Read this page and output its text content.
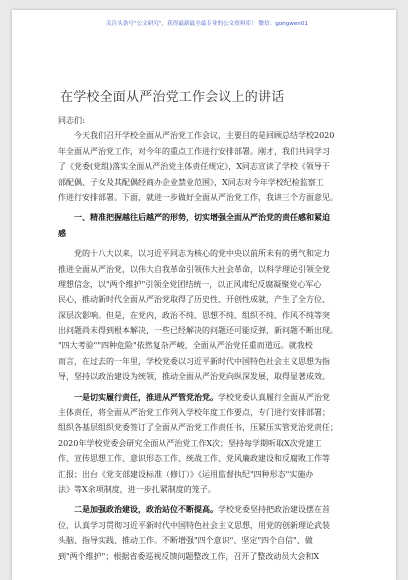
关注头条号"公文研究"，获得最新最全最专业的公文资料库！ 微信：gongwen01
在学校全面从严治党工作会议上的讲话
同志们:
今天我们召开学校全面从严治党工作会议，主要目的是回顾总结学校2020
年全面从严治党工作，对今年的重点工作进行安排部署。刚才，我们共同学习
了《党委(党组)落实全面从严治党主体责任规定》，X同志宣读了学校《领导干
部配偶、子女及其配偶经商办企业禁业范围》，X同志对今年学校纪检监察工
作进行安排部署。下面，就进一步做好全面从严治党工作，我讲三个方面意见。
一、精准把握越往后越严的形势，切实增强全面从严治党的责任感和紧迫
感
党的十八大以来，以习近平同志为核心的党中央以前所未有的勇气和定力
推进全面从严治党，以伟大自我革命引领伟大社会革命，以科学理论引领全党
理想信念，以"两个维护"引领全党团结统一，以正风肃纪反腐凝聚党心军心
民心，推动新时代全面从严治党取得了历史性、开创性成就，产生了全方位、
深层次影响。但是，在党内，政治不纯、思想不纯、组织不纯、作风不纯等突
出问题尚未得到根本解决，一些已经解决的问题还可能反弹，新问题不断出现。
"四大考验""四种危险"依然复杂严峻，全面从严治党任重而道远。就我校
而言，在过去的一年里，学校党委以习近平新时代中国特色社会主义思想为指
导，坚持以政治建设为统领，推动全面从严治党向纵深发展，取得显著成效。
一是切实履行责任，推进从严管党治党。学校党委认真履行全面从严治党
主体责任，将全面从严治党工作列入学校年度工作要点，专门进行安排部署；
组织各基层组织党委签订了全面从严治党工作责任书，压紧压实管党治党责任；
2020年学校党委会研究全面从严治党工作X次；坚持每学期听取X次党建工
作、宣传思想工作、意识形态工作、统战工作、党风廉政建设和反腐败工作等
汇报；出台《党支部建设标准（修订）》《运用监督执纪"四种形态"实施办
法》等X余项制度，进一步扎紧制度的笼子。
二是加强政治建设，政治站位不断提高。学校党委坚持把政治建设摆在首
位，认真学习贯彻习近平新时代中国特色社会主义思想，用党的创新理论武装
头脑、指导实践、推动工作。不断增强"四个意识"、坚定"四个自信"、做
到"两个维护"；根据省委巡视反馈问题整改工作，召开了整改动员大会和X
